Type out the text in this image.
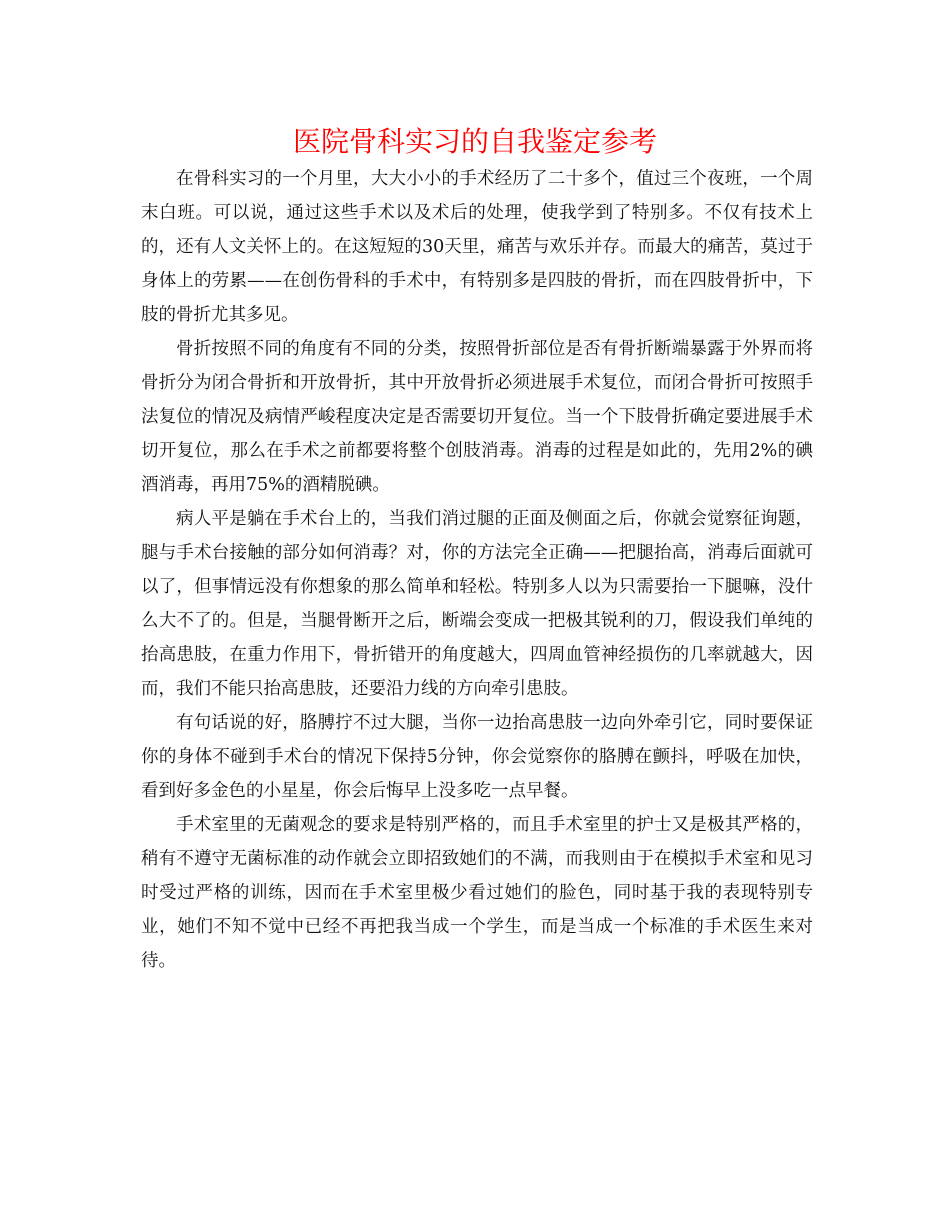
医院骨科实习的自我鉴定参考

在骨科实习的一个月里，大大小小的手术经历了二十多个，值过三个夜班，一个周末白班。可以说，通过这些手术以及术后的处理，使我学到了特别多。不仅有技术上的，还有人文关怀上的。在这短短的30天里，痛苦与欢乐并存。而最大的痛苦，莫过于身体上的劳累——在创伤骨科的手术中，有特别多是四肢的骨折，而在四肢骨折中，下肢的骨折尤其多见。

骨折按照不同的角度有不同的分类，按照骨折部位是否有骨折断端暴露于外界而将骨折分为闭合骨折和开放骨折，其中开放骨折必须进展手术复位，而闭合骨折可按照手法复位的情况及病情严峻程度决定是否需要切开复位。当一个下肢骨折确定要进展手术切开复位，那么在手术之前都要将整个创肢消毒。消毒的过程是如此的，先用2%的碘酒消毒，再用75%的酒精脱碘。

病人平是躺在手术台上的，当我们消过腿的正面及侧面之后，你就会觉察征询题，腿与手术台接触的部分如何消毒？对，你的方法完全正确——把腿抬高，消毒后面就可以了，但事情远没有你想象的那么简单和轻松。特别多人以为只需要抬一下腿嘛，没什么大不了的。但是，当腿骨断开之后，断端会变成一把极其锐利的刀，假设我们单纯的抬高患肢，在重力作用下，骨折错开的角度越大，四周血管神经损伤的几率就越大，因而，我们不能只抬高患肢，还要沿力线的方向牵引患肢。

有句话说的好，胳膊拧不过大腿，当你一边抬高患肢一边向外牵引它，同时要保证你的身体不碰到手术台的情况下保持5分钟，你会觉察你的胳膊在颤抖，呼吸在加快，看到好多金色的小星星，你会后悔早上没多吃一点早餐。

手术室里的无菌观念的要求是特别严格的，而且手术室里的护士又是极其严格的，稍有不遵守无菌标准的动作就会立即招致她们的不满，而我则由于在模拟手术室和见习时受过严格的训练，因而在手术室里极少看过她们的脸色，同时基于我的表现特别专业，她们不知不觉中已经不再把我当成一个学生，而是当成一个标准的手术医生来对待。
